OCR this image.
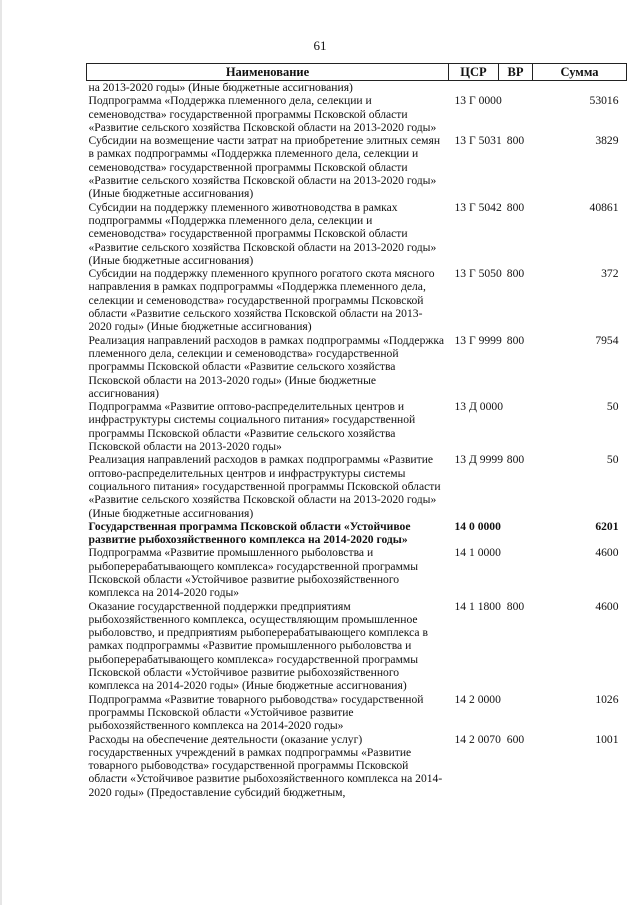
61
Наименование	ЦСР	ВР	Сумма
на 2013-2020 годы» (Иные бюджетные ассигнования)			
Подпрограмма «Поддержка племенного дела, селекции и семеноводства» государственной программы Псковской области «Развитие сельского хозяйства Псковской области на 2013-2020 годы»	13 Г 0000		53016
Субсидии на возмещение части затрат на приобретение элитных семян в рамках подпрограммы «Поддержка племенного дела, селекции и семеноводства» государственной программы Псковской области «Развитие сельского хозяйства Псковской области на 2013-2020 годы» (Иные бюджетные ассигнования)	13 Г 5031	800	3829
Субсидии на поддержку племенного животноводства в рамках подпрограммы «Поддержка племенного дела, селекции и семеноводства» государственной программы Псковской области «Развитие сельского хозяйства Псковской области на 2013-2020 годы» (Иные бюджетные ассигнования)	13 Г 5042	800	40861
Субсидии на поддержку племенного крупного рогатого скота мясного направления в рамках подпрограммы «Поддержка племенного дела, селекции и семеноводства» государственной программы Псковской области «Развитие сельского хозяйства Псковской области на 2013-2020 годы» (Иные бюджетные ассигнования)	13 Г 5050	800	372
Реализация направлений расходов в рамках подпрограммы «Поддержка племенного дела, селекции и семеноводства» государственной программы Псковской области «Развитие сельского хозяйства Псковской области на 2013-2020 годы» (Иные бюджетные ассигнования)	13 Г 9999	800	7954
Подпрограмма «Развитие оптово-распределительных центров и инфраструктуры системы социального питания» государственной программы Псковской области «Развитие сельского хозяйства Псковской области на 2013-2020 годы»	13 Д 0000		50
Реализация направлений расходов в рамках подпрограммы «Развитие оптово-распределительных центров и инфраструктуры системы социального питания» государственной программы Псковской области «Развитие сельского хозяйства Псковской области на 2013-2020 годы» (Иные бюджетные ассигнования)	13 Д 9999	800	50
Государственная программа Псковской области «Устойчивое развитие рыбохозяйственного комплекса на 2014-2020 годы»	14 0 0000		6201
Подпрограмма «Развитие промышленного рыболовства и рыбоперерабатывающего комплекса» государственной программы Псковской области «Устойчивое развитие рыбохозяйственного комплекса на 2014-2020 годы»	14 1 0000		4600
Оказание государственной поддержки предприятиям рыбохозяйственного комплекса, осуществляющим промышленное рыболовство, и предприятиям рыбоперерабатывающего комплекса в рамках подпрограммы «Развитие промышленного рыболовства и рыбоперерабатывающего комплекса» государственной программы Псковской области «Устойчивое развитие рыбохозяйственного комплекса на 2014-2020 годы» (Иные бюджетные ассигнования)	14 1 1800	800	4600
Подпрограмма «Развитие товарного рыбоводства» государственной программы Псковской области «Устойчивое развитие рыбохозяйственного комплекса на 2014-2020 годы»	14 2 0000		1026
Расходы на обеспечение деятельности (оказание услуг) государственных учреждений в рамках подпрограммы «Развитие товарного рыбоводства» государственной программы Псковской области «Устойчивое развитие рыбохозяйственного комплекса на 2014-2020 годы» (Предоставление субсидий бюджетным,	14 2 0070	600	1001
